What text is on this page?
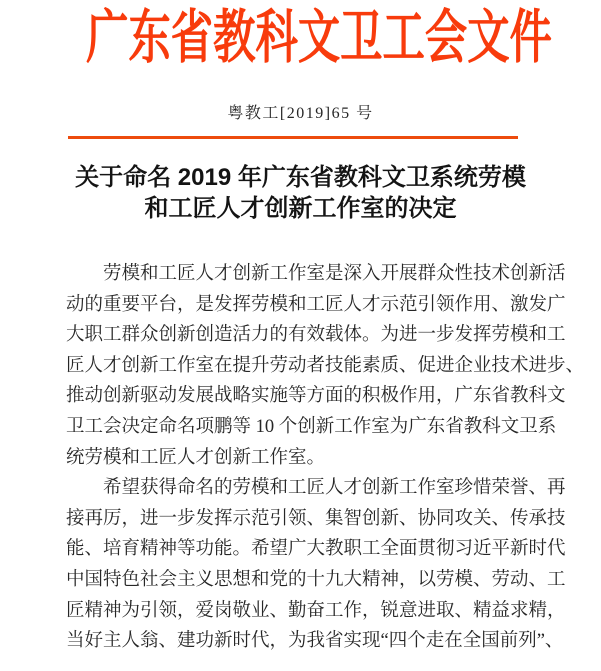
广东省教科文卫工会文件
粤教工[2019]65 号
关于命名 2019 年广东省教科文卫系统劳模
和工匠人才创新工作室的决定
劳模和工匠人才创新工作室是深入开展群众性技术创新活
动的重要平台，是发挥劳模和工匠人才示范引领作用、激发广
大职工群众创新创造活力的有效载体。为进一步发挥劳模和工
匠人才创新工作室在提升劳动者技能素质、促进企业技术进步、
推动创新驱动发展战略实施等方面的积极作用，广东省教科文
卫工会决定命名项鹏等 10 个创新工作室为广东省教科文卫系
统劳模和工匠人才创新工作室。
希望获得命名的劳模和工匠人才创新工作室珍惜荣誉、再
接再厉，进一步发挥示范引领、集智创新、协同攻关、传承技
能、培育精神等功能。希望广大教职工全面贯彻习近平新时代
中国特色社会主义思想和党的十九大精神，以劳模、劳动、工
匠精神为引领，爱岗敬业、勤奋工作，锐意进取、精益求精，
当好主人翁、建功新时代，为我省实现“四个走在全国前列”、
